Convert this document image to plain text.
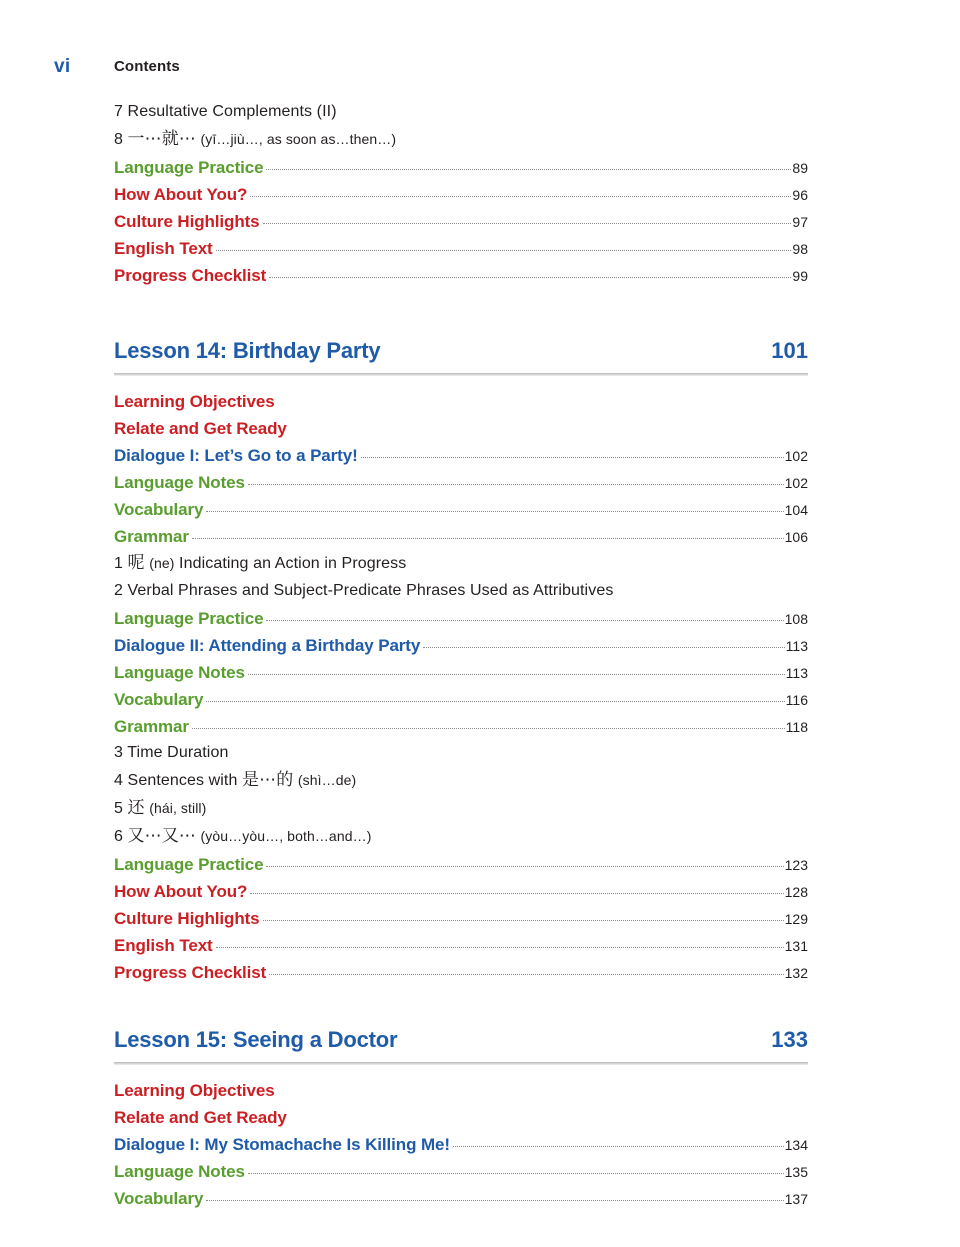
vi	Contents
7 Resultative Complements (II)
8 一⋯就⋯ (yī…jiù…, as soon as…then…)
Language Practice	89
How About You?	96
Culture Highlights	97
English Text	98
Progress Checklist	99
Lesson 14: Birthday Party	101
Learning Objectives
Relate and Get Ready
Dialogue I: Let’s Go to a Party!	102
Language Notes	102
Vocabulary	104
Grammar	106
1 呢 (ne) Indicating an Action in Progress
2 Verbal Phrases and Subject-Predicate Phrases Used as Attributives
Language Practice	108
Dialogue II: Attending a Birthday Party	113
Language Notes	113
Vocabulary	116
Grammar	118
3 Time Duration
4 Sentences with 是⋯的 (shì…de)
5 还 (hái, still)
6 又⋯又⋯ (yòu…yòu…, both…and…)
Language Practice	123
How About You?	128
Culture Highlights	129
English Text	131
Progress Checklist	132
Lesson 15: Seeing a Doctor	133
Learning Objectives
Relate and Get Ready
Dialogue I: My Stomachache Is Killing Me!	134
Language Notes	135
Vocabulary	137
